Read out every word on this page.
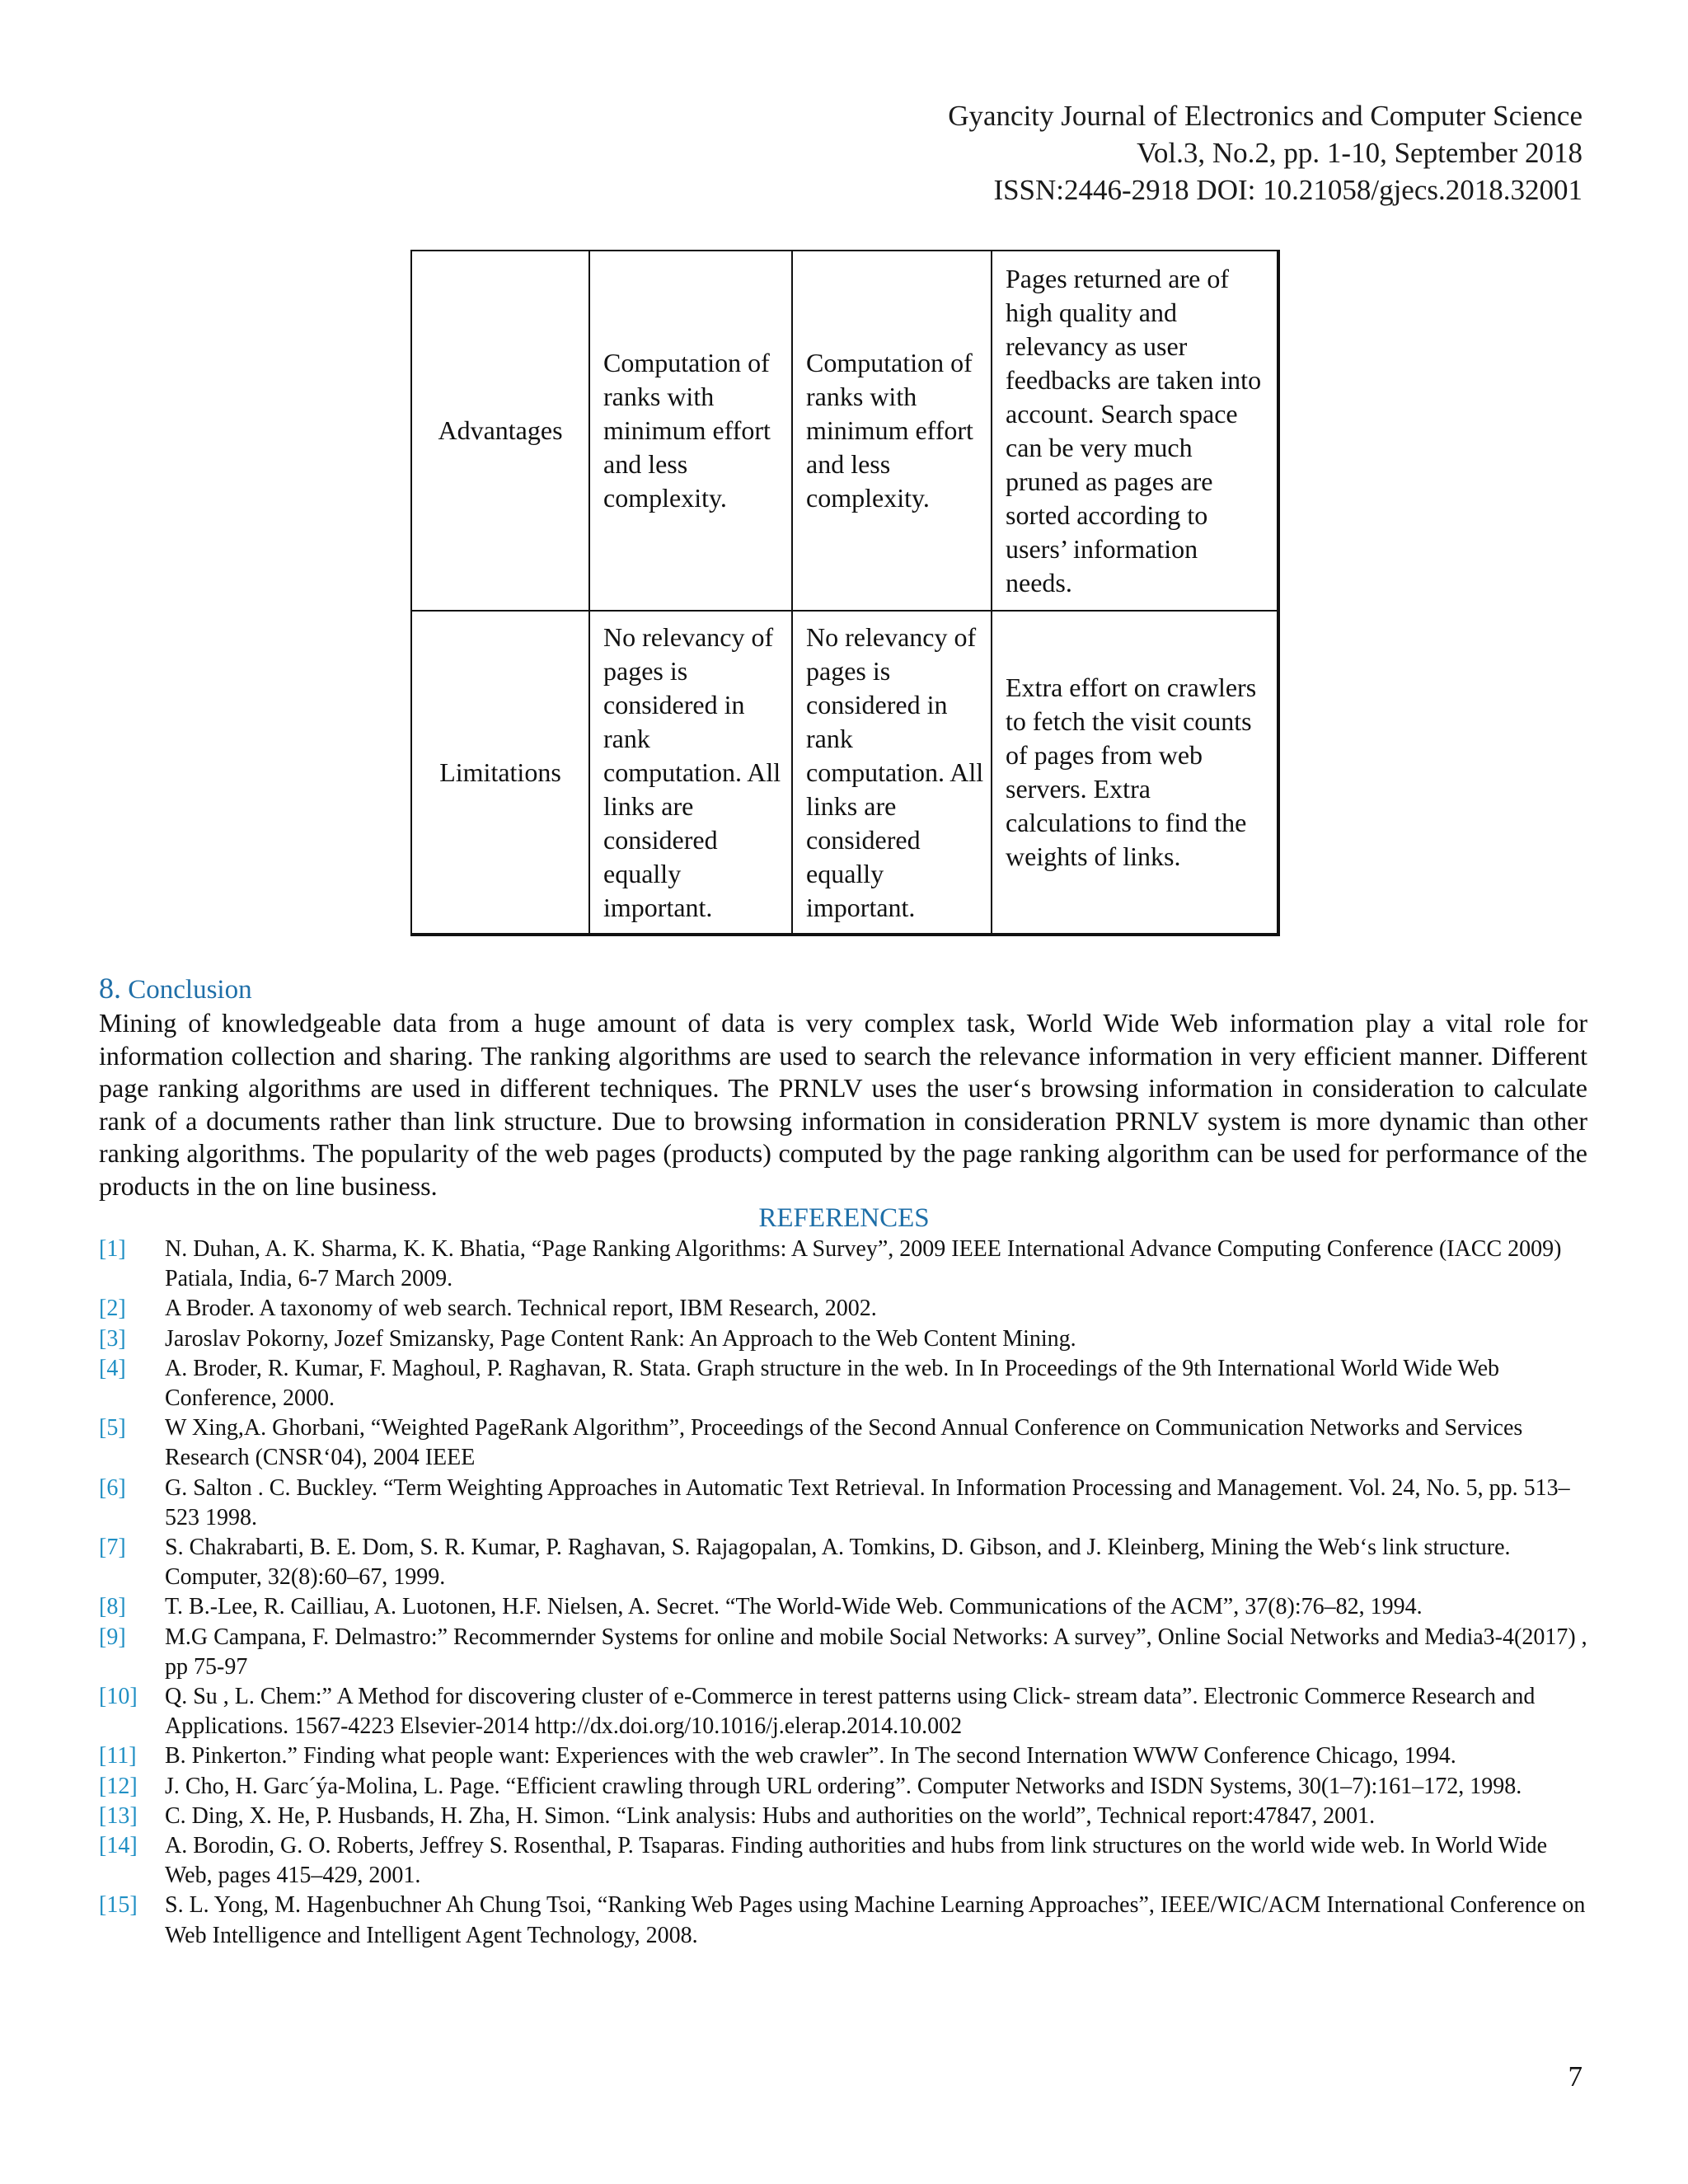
Gyancity Journal of Electronics and Computer Science
Vol.3, No.2, pp. 1-10, September 2018
ISSN:2446-2918 DOI: 10.21058/gjecs.2018.32001
Advantages	Computation of ranks with minimum effort and less complexity.	Computation of ranks with minimum effort and less complexity.	Pages returned are of high quality and relevancy as user feedbacks are taken into account. Search space can be very much pruned as pages are sorted according to users’ information needs.
Limitations	No relevancy of pages is considered in rank computation. All links are considered equally important.	No relevancy of pages is considered in rank computation. All links are considered equally important.	Extra effort on crawlers to fetch the visit counts of pages from web servers. Extra calculations to find the weights of links.
8. Conclusion

Mining of knowledgeable data from a huge amount of data is very complex task, World Wide Web information play a vital role for information collection and sharing. The ranking algorithms are used to search the relevance information in very efficient manner. Different page ranking algorithms are used in different techniques. The PRNLV uses the user‘s browsing information in consideration to calculate rank of a documents rather than link structure. Due to browsing information in consideration PRNLV system is more dynamic than other ranking algorithms. The popularity of the web pages (products) computed by the page ranking algorithm can be used for performance of the products in the on line business.

REFERENCES
[1] N. Duhan, A. K. Sharma, K. K. Bhatia, “Page Ranking Algorithms: A Survey”, 2009 IEEE International Advance Computing Conference (IACC 2009) Patiala, India, 6-7 March 2009.
[2] A Broder. A taxonomy of web search. Technical report, IBM Research, 2002.
[3] Jaroslav Pokorny, Jozef Smizansky, Page Content Rank: An Approach to the Web Content Mining.
[4] A. Broder, R. Kumar, F. Maghoul, P. Raghavan, R. Stata. Graph structure in the web. In In Proceedings of the 9th International World Wide Web Conference, 2000.
[5] W Xing,A. Ghorbani, “Weighted PageRank Algorithm”, Proceedings of the Second Annual Conference on Communication Networks and Services Research (CNSR‘04), 2004 IEEE
[6] G. Salton . C. Buckley. “Term Weighting Approaches in Automatic Text Retrieval. In Information Processing and Management. Vol. 24, No. 5, pp. 513– 523 1998.
[7] S. Chakrabarti, B. E. Dom, S. R. Kumar, P. Raghavan, S. Rajagopalan, A. Tomkins, D. Gibson, and J. Kleinberg, Mining the Web‘s link structure. Computer, 32(8):60–67, 1999.
[8] T. B.-Lee, R. Cailliau, A. Luotonen, H.F. Nielsen, A. Secret. “The World-Wide Web. Communications of the ACM”, 37(8):76–82, 1994.
[9] M.G Campana, F. Delmastro:” Recommernder Systems for online and mobile Social Networks: A survey”, Online Social Networks and Media3-4(2017) , pp 75-97
[10] Q. Su , L. Chem:” A Method for discovering cluster of e-Commerce in terest patterns using Click- stream data”. Electronic Commerce Research and Applications. 1567-4223 Elsevier-2014 http://dx.doi.org/10.1016/j.elerap.2014.10.002
[11] B. Pinkerton.” Finding what people want: Experiences with the web crawler”. In The second Internation WWW Conference Chicago, 1994.
[12] J. Cho, H. Garc´ýa-Molina, L. Page. “Efficient crawling through URL ordering”. Computer Networks and ISDN Systems, 30(1–7):161–172, 1998.
[13] C. Ding, X. He, P. Husbands, H. Zha, H. Simon. “Link analysis: Hubs and authorities on the world”, Technical report:47847, 2001.
[14] A. Borodin, G. O. Roberts, Jeffrey S. Rosenthal, P. Tsaparas. Finding authorities and hubs from link structures on the world wide web. In World Wide Web, pages 415–429, 2001.
[15] S. L. Yong, M. Hagenbuchner Ah Chung Tsoi, “Ranking Web Pages using Machine Learning Approaches”, IEEE/WIC/ACM International Conference on Web Intelligence and Intelligent Agent Technology, 2008.
7
